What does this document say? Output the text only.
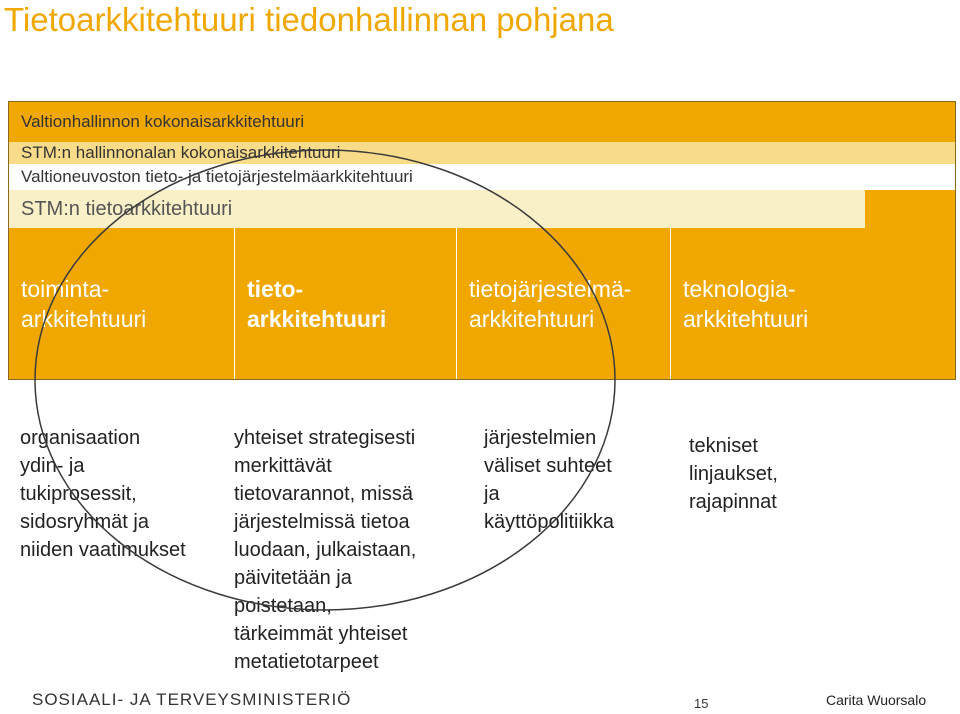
Tietoarkkitehtuuri tiedonhallinnan pohjana
Valtionhallinnon kokonaisarkkitehtuuri
STM:n hallinnonalan kokonaisarkkitehtuuri
Valtioneuvoston tieto- ja tietojärjestelmäarkkitehtuuri
STM:n tietoarkkitehtuuri
toiminta-
arkkitehtuuri
tieto-
arkkitehtuuri
tietojärjestelmä-
arkkitehtuuri
teknologia-
arkkitehtuuri
organisaation
ydin- ja
tukiprosessit,
sidosryhmät ja
niiden vaatimukset
yhteiset strategisesti
merkittävät
tietovarannot, missä
järjestelmissä tietoa
luodaan, julkaistaan,
päivitetään ja
poistetaan,
tärkeimmät yhteiset
metatietotarpeet
järjestelmien
väliset suhteet
ja
käyttöpolitiikka
tekniset
linjaukset,
rajapinnat
SOSIAALI- JA TERVEYSMINISTERIÖ	15	Carita Wuorsalo
